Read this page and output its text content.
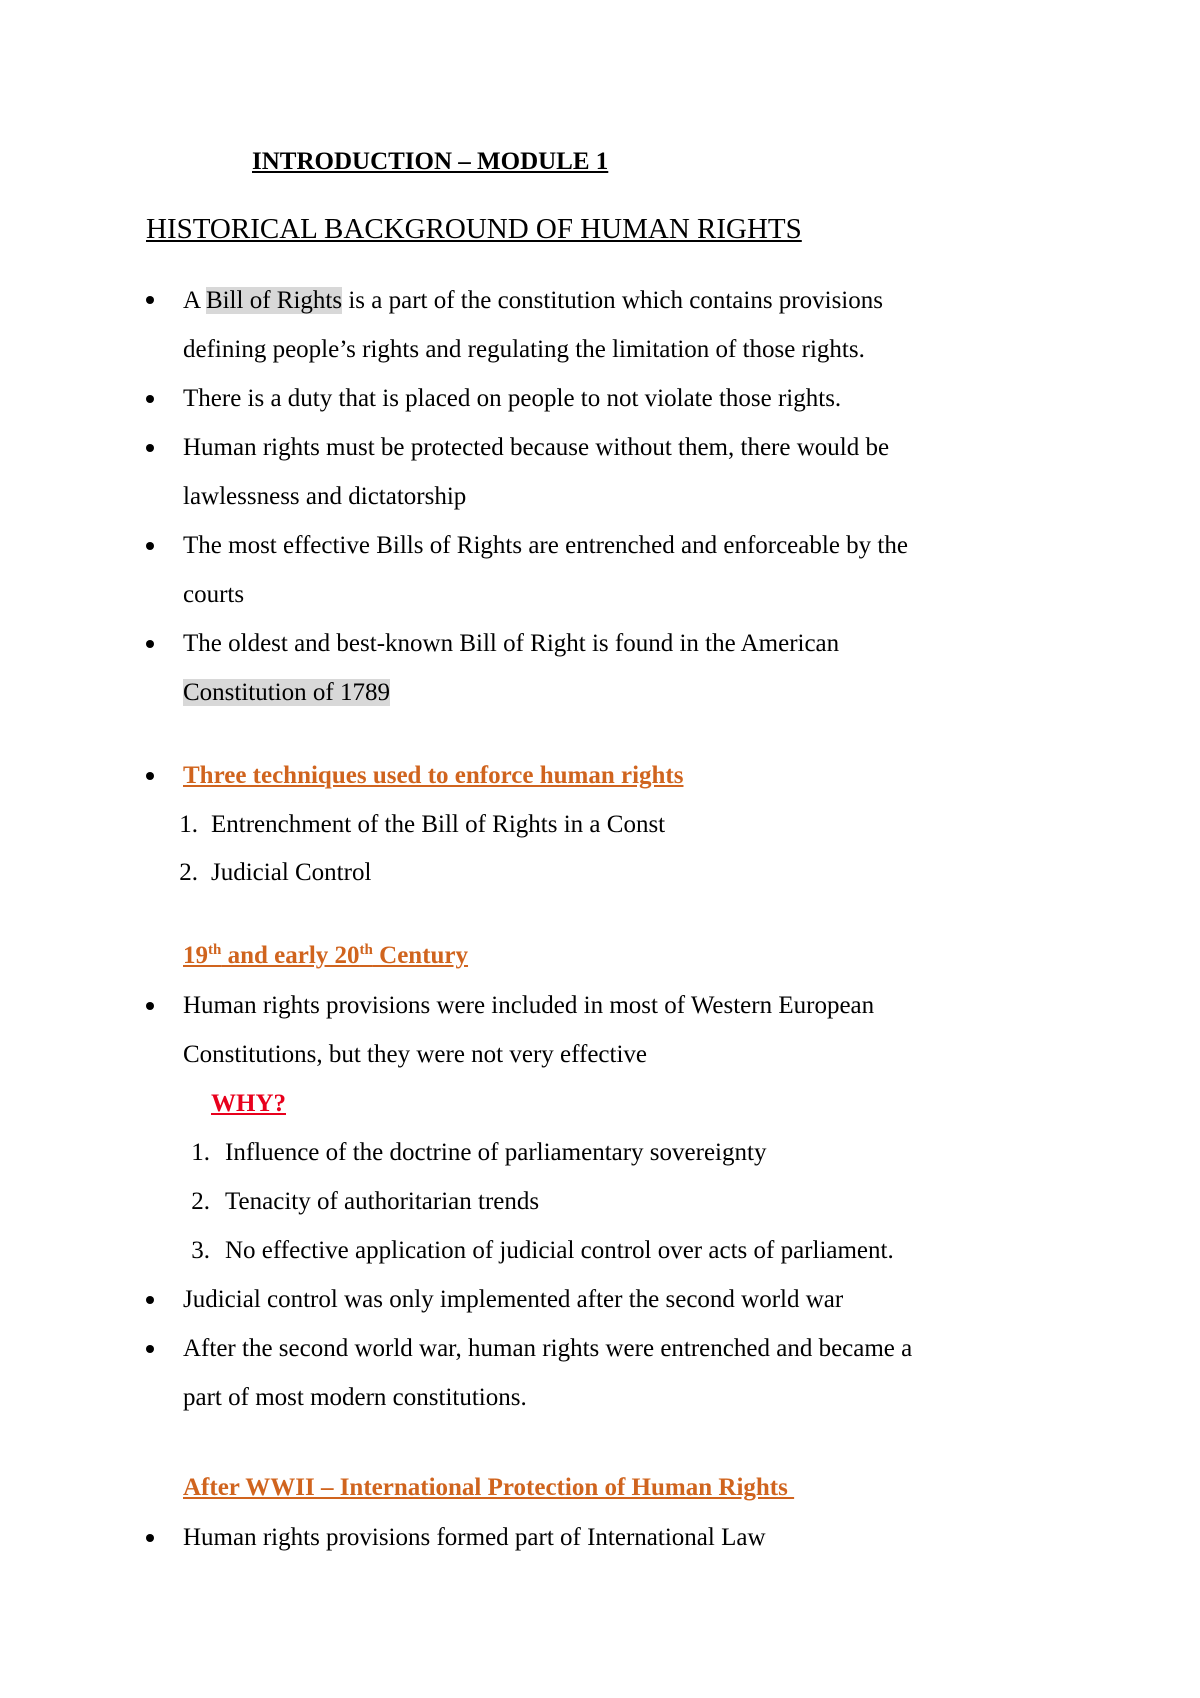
INTRODUCTION – MODULE 1
HISTORICAL BACKGROUND OF HUMAN RIGHTS
A Bill of Rights is a part of the constitution which contains provisions
defining people’s rights and regulating the limitation of those rights.
There is a duty that is placed on people to not violate those rights.
Human rights must be protected because without them, there would be
lawlessness and dictatorship
The most effective Bills of Rights are entrenched and enforceable by the
courts
The oldest and best-known Bill of Right is found in the American
Constitution of 1789
Three techniques used to enforce human rights
1. Entrenchment of the Bill of Rights in a Const
2. Judicial Control
19th and early 20th Century
Human rights provisions were included in most of Western European
Constitutions, but they were not very effective
WHY?
1. Influence of the doctrine of parliamentary sovereignty
2. Tenacity of authoritarian trends
3. No effective application of judicial control over acts of parliament.
Judicial control was only implemented after the second world war
After the second world war, human rights were entrenched and became a
part of most modern constitutions.
After WWII – International Protection of Human Rights
Human rights provisions formed part of International Law
